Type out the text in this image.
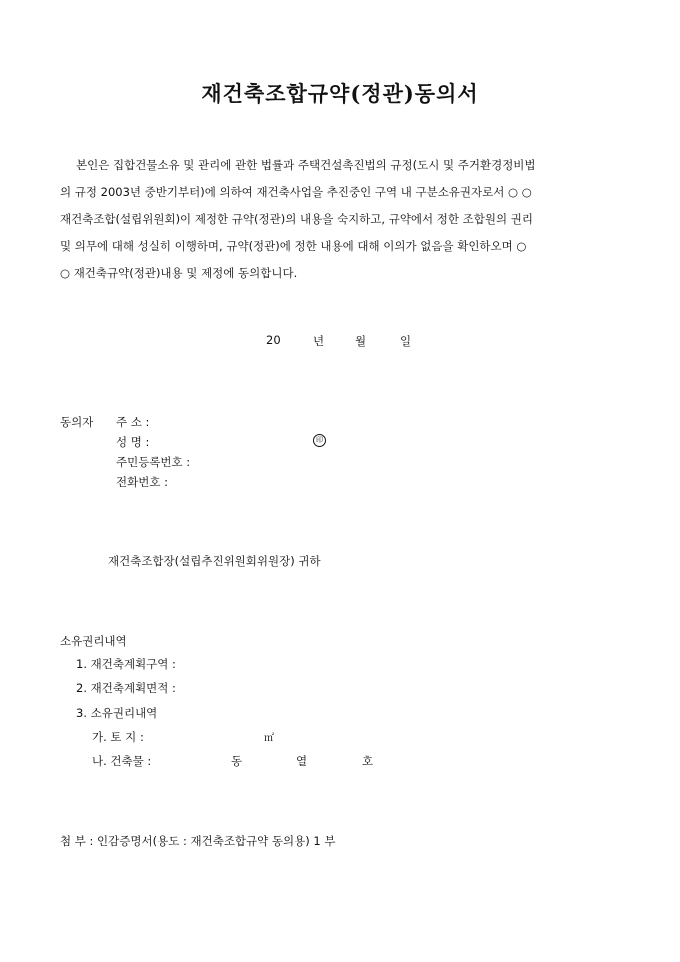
재건축조합규약(정관)동의서
본인은 집합건물소유 및 관리에 관한 법률과 주택건설촉진법의 규정(도시 및 주거환경정비법
의 규정 2003년 중반기부터)에 의하여 재건축사업을 추진중인 구역 내 구분소유권자로서 ○ ○
재건축조합(설립위원회)이 제정한 규약(정관)의 내용을 숙지하고, 규약에서 정한 조합원의 권리
및 의무에 대해 성실히 이행하며, 규약(정관)에 정한 내용에 대해 이의가 없음을 확인하오며 ○
○ 재건축규약(정관)내용 및 제정에 동의합니다.
20	년	월	일
동의자 주 소 :
성 명 :	印
주민등록번호 :
전화번호 :
재건축조합장(설립추진위원회위원장) 귀하
소유권리내역
1. 재건축계획구역 :
2. 재건축계획면적 :
3. 소유권리내역
가. 토 지 :	㎡
나. 건축물 :	동	열	호
첨 부 : 인감증명서(용도 : 재건축조합규약 동의용) 1 부
